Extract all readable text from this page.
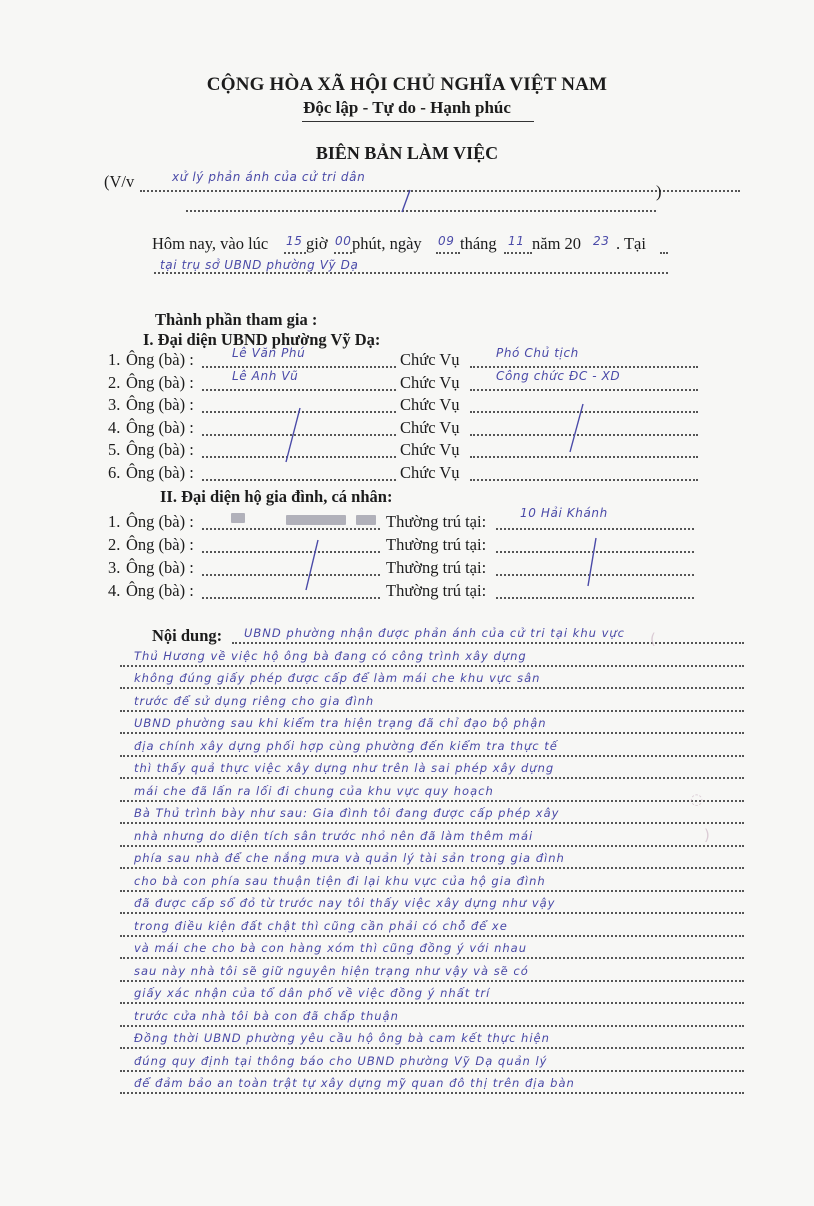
CỘNG HÒA XÃ HỘI CHỦ NGHĨA VIỆT NAM
Độc lập - Tự do - Hạnh phúc
BIÊN BẢN LÀM VIỆC
(V/v	xử lý phản ánh của cử tri dân
)
Hôm nay, vào lúc 15 giờ 00 phút, ngày 09 tháng 11 năm 20 23 . Tại
tại trụ sở UBND phường Vỹ Dạ
Thành phần tham gia :
I. Đại diện UBND phường Vỹ Dạ:
1. Ông (bà) :	Lê Văn Phú	Chức Vụ	Phó Chủ tịch
2. Ông (bà) :	Lê Anh Vũ	Chức Vụ	Công chức ĐC - XD
3. Ông (bà) :	Chức Vụ
4. Ông (bà) :	Chức Vụ
5. Ông (bà) :	Chức Vụ
6. Ông (bà) :	Chức Vụ
II. Đại diện hộ gia đình, cá nhân:
1. Ông (bà) :	Thường trú tại:	10 Hải Khánh
2. Ông (bà) :	Thường trú tại:
3. Ông (bà) :	Thường trú tại:
4. Ông (bà) :	Thường trú tại:
Nội dung: UBND phường nhận được phản ánh của cử tri tại khu vực
Thủ Hương về việc hộ ông bà đang có công trình xây dựng
không đúng giấy phép được cấp để làm mái che khu vực sân
trước để sử dụng riêng cho gia đình
UBND phường sau khi kiểm tra hiện trạng đã chỉ đạo bộ phận
địa chính xây dựng phối hợp cùng phường đến kiểm tra thực tế
thì thấy quả thực việc xây dựng như trên là sai phép xây dựng
mái che đã lấn ra lối đi chung của khu vực quy hoạch
Bà Thủ trình bày như sau: Gia đình tôi đang được cấp phép xây
nhà nhưng do diện tích sân trước nhỏ nên đã làm thêm mái
phía sau nhà để che nắng mưa và quản lý tài sản trong gia đình
cho bà con phía sau thuận tiện đi lại khu vực của hộ gia đình
đã được cấp sổ đỏ từ trước nay tôi thấy việc xây dựng như vậy
trong điều kiện đất chật thì cũng cần phải có chỗ để xe
và mái che cho bà con hàng xóm thì cũng đồng ý với nhau
sau này nhà tôi sẽ giữ nguyên hiện trạng như vậy và sẽ có
giấy xác nhận của tổ dân phố về việc đồng ý nhất trí
trước cửa nhà tôi bà con đã chấp thuận
Đồng thời UBND phường yêu cầu hộ ông bà cam kết thực hiện
đúng quy định tại thông báo cho UBND phường Vỹ Dạ quản lý
để đảm bảo an toàn trật tự xây dựng mỹ quan đô thị trên địa bàn
(
◌
)
